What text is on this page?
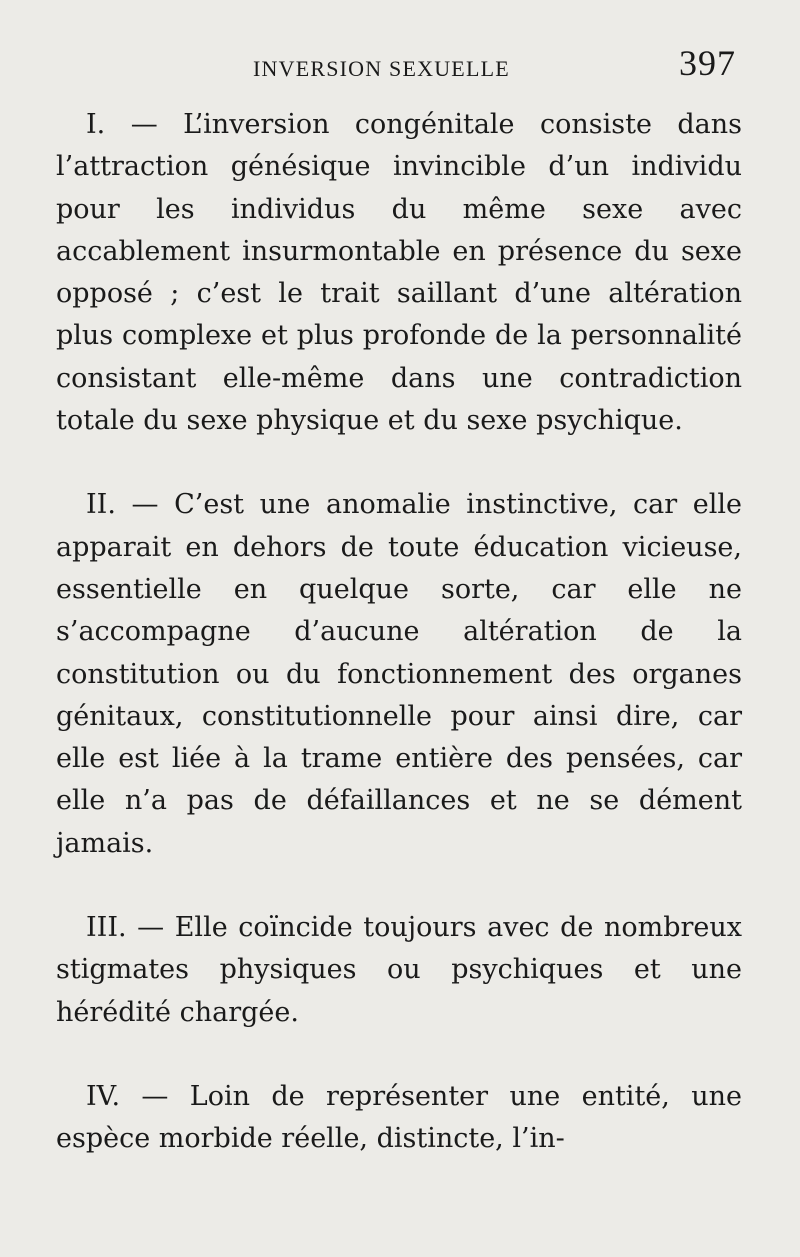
INVERSION SEXUELLE	397

I. — L’inversion congénitale consiste dans l’attraction génésique invincible d’un individu pour les individus du même sexe avec accablement insurmontable en présence du sexe opposé ; c’est le trait saillant d’une altération plus complexe et plus profonde de la personnalité consistant elle-même dans une contradiction totale du sexe physique et du sexe psychique.

II. — C’est une anomalie instinctive, car elle apparait en dehors de toute éducation vicieuse, essentielle en quelque sorte, car elle ne s’accompagne d’aucune altération de la constitution ou du fonctionnement des organes génitaux, constitutionnelle pour ainsi dire, car elle est liée à la trame entière des pensées, car elle n’a pas de défaillances et ne se dément jamais.

III. — Elle coïncide toujours avec de nombreux stigmates physiques ou psychiques et une hérédité chargée.

IV. — Loin de représenter une entité, une espèce morbide réelle, distincte, l’in-
